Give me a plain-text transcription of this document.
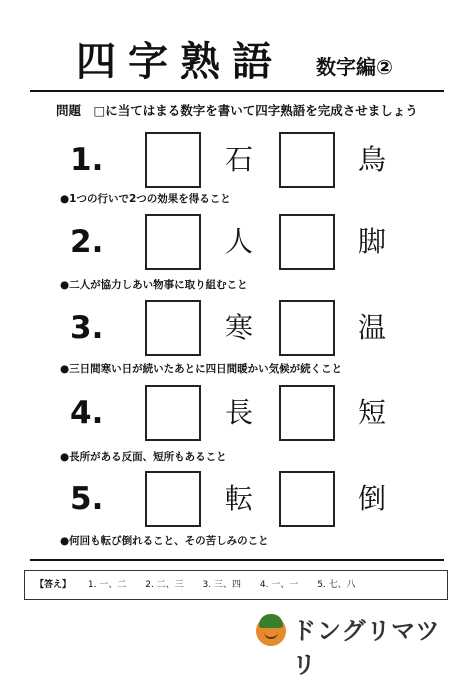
四字熟語 数字編②
問題　□に当てはまる数字を書いて四字熟語を完成させましょう
1.	石	鳥
●1つの行いで2つの効果を得ること
2.	人	脚
●二人が協力しあい物事に取り組むこと
3.	寒	温
●三日間寒い日が続いたあとに四日間暖かい気候が続くこと
4.	長	短
●長所がある反面、短所もあること
5.	転	倒
●何回も転び倒れること、その苦しみのこと
【答え】 1. 一、二 2. 二、三 3. 三、四 4. 一、一 5. 七、八
ドングリマツリ
